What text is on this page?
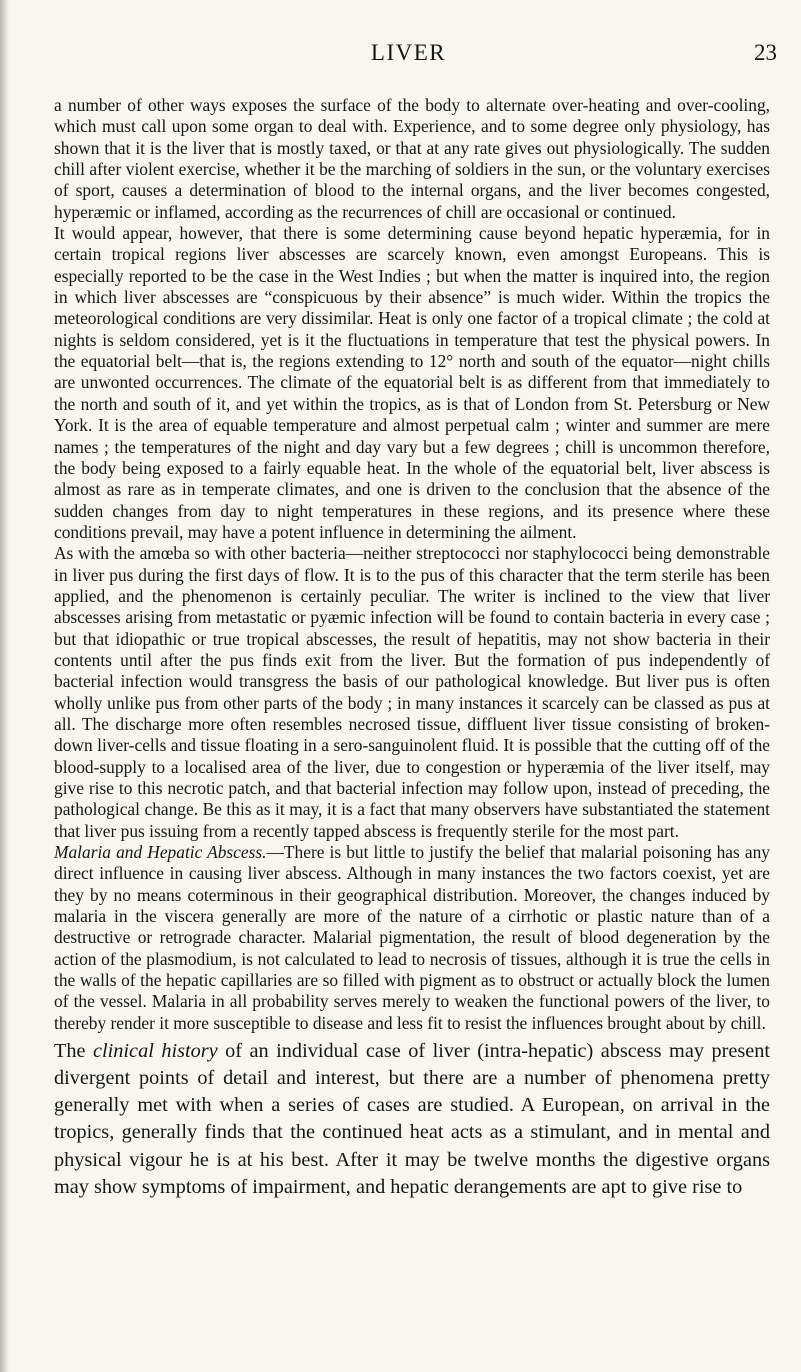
LIVER	23

a number of other ways exposes the surface of the body to alternate over-heating and over-cooling, which must call upon some organ to deal with. Experience, and to some degree only physiology, has shown that it is the liver that is mostly taxed, or that at any rate gives out physiologically. The sudden chill after violent exercise, whether it be the marching of soldiers in the sun, or the voluntary exercises of sport, causes a determination of blood to the internal organs, and the liver becomes congested, hyperæmic or inflamed, according as the recurrences of chill are occasional or continued.

It would appear, however, that there is some determining cause beyond hepatic hyperæmia, for in certain tropical regions liver abscesses are scarcely known, even amongst Europeans. This is especially reported to be the case in the West Indies ; but when the matter is inquired into, the region in which liver abscesses are “conspicuous by their absence” is much wider. Within the tropics the meteorological conditions are very dissimilar. Heat is only one factor of a tropical climate ; the cold at nights is seldom considered, yet is it the fluctuations in temperature that test the physical powers. In the equatorial belt—that is, the regions extending to 12° north and south of the equator—night chills are unwonted occurrences. The climate of the equatorial belt is as different from that immediately to the north and south of it, and yet within the tropics, as is that of London from St. Petersburg or New York. It is the area of equable temperature and almost perpetual calm ; winter and summer are mere names ; the temperatures of the night and day vary but a few degrees ; chill is uncommon therefore, the body being exposed to a fairly equable heat. In the whole of the equatorial belt, liver abscess is almost as rare as in temperate climates, and one is driven to the conclusion that the absence of the sudden changes from day to night temperatures in these regions, and its presence where these conditions prevail, may have a potent influence in determining the ailment.

As with the amœba so with other bacteria—neither streptococci nor staphylococci being demonstrable in liver pus during the first days of flow. It is to the pus of this character that the term sterile has been applied, and the phenomenon is certainly peculiar. The writer is inclined to the view that liver abscesses arising from metastatic or pyæmic infection will be found to contain bacteria in every case ; but that idiopathic or true tropical abscesses, the result of hepatitis, may not show bacteria in their contents until after the pus finds exit from the liver. But the formation of pus independently of bacterial infection would transgress the basis of our pathological knowledge. But liver pus is often wholly unlike pus from other parts of the body ; in many instances it scarcely can be classed as pus at all. The discharge more often resembles necrosed tissue, diffluent liver tissue consisting of broken-down liver-cells and tissue floating in a sero-sanguinolent fluid. It is possible that the cutting off of the blood-supply to a localised area of the liver, due to congestion or hyperæmia of the liver itself, may give rise to this necrotic patch, and that bacterial infection may follow upon, instead of preceding, the pathological change. Be this as it may, it is a fact that many observers have substantiated the statement that liver pus issuing from a recently tapped abscess is frequently sterile for the most part.

Malaria and Hepatic Abscess.—There is but little to justify the belief that malarial poisoning has any direct influence in causing liver abscess. Although in many instances the two factors coexist, yet are they by no means coterminous in their geographical distribution. Moreover, the changes induced by malaria in the viscera generally are more of the nature of a cirrhotic or plastic nature than of a destructive or retrograde character. Malarial pigmentation, the result of blood degeneration by the action of the plasmodium, is not calculated to lead to necrosis of tissues, although it is true the cells in the walls of the hepatic capillaries are so filled with pigment as to obstruct or actually block the lumen of the vessel. Malaria in all probability serves merely to weaken the functional powers of the liver, to thereby render it more susceptible to disease and less fit to resist the influences brought about by chill.

The clinical history of an individual case of liver (intra-hepatic) abscess may present divergent points of detail and interest, but there are a number of phenomena pretty generally met with when a series of cases are studied. A European, on arrival in the tropics, generally finds that the continued heat acts as a stimulant, and in mental and physical vigour he is at his best. After it may be twelve months the digestive organs may show symptoms of impairment, and hepatic derangements are apt to give rise to
